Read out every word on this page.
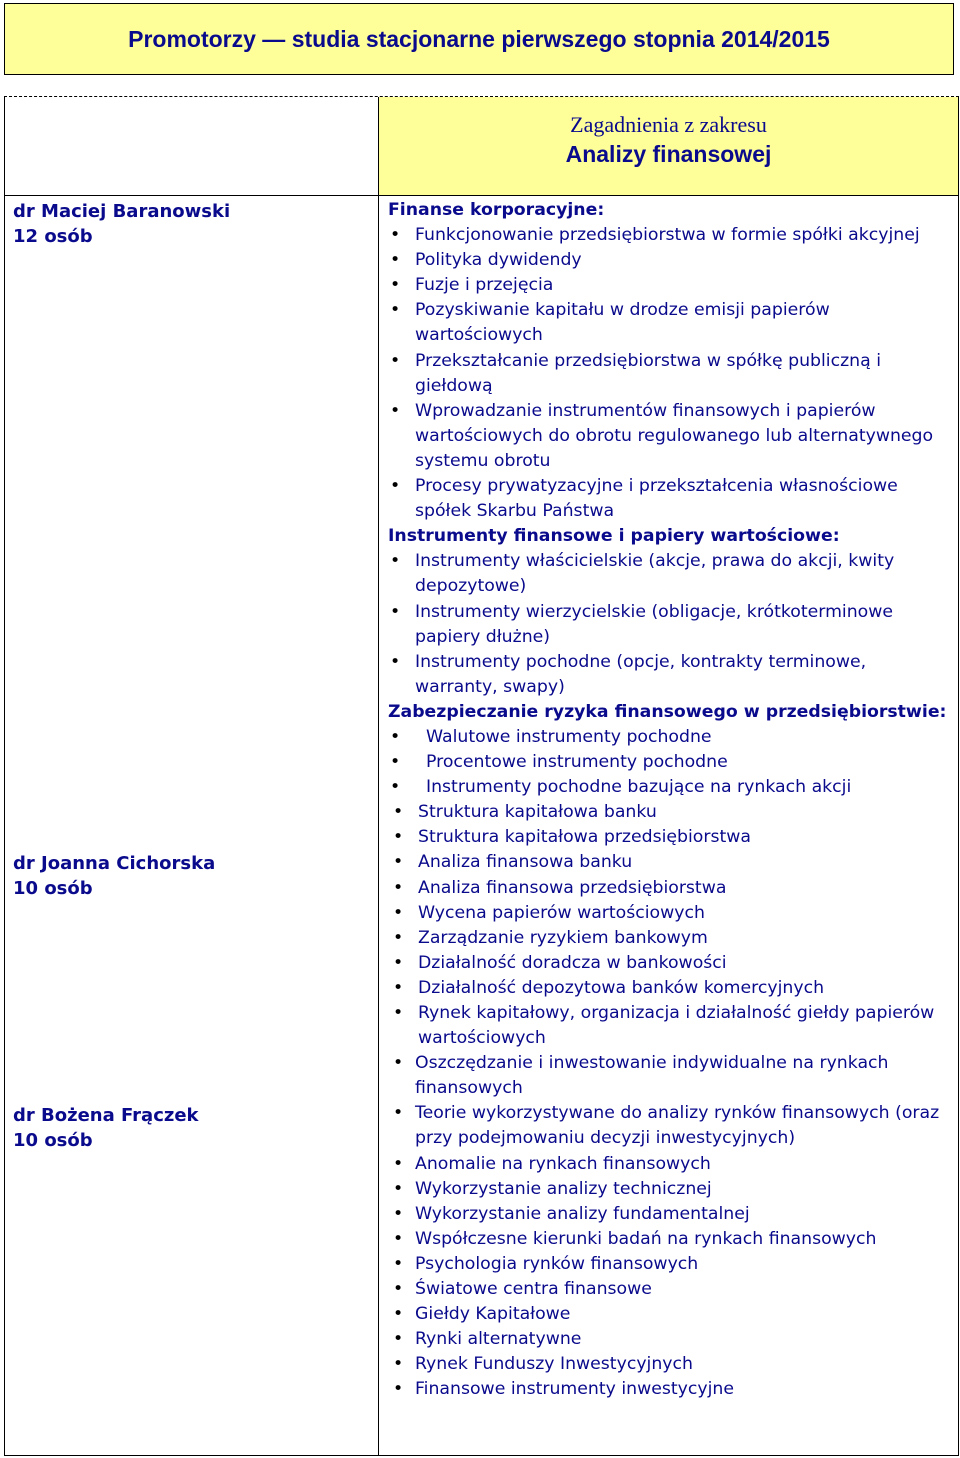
Promotorzy — studia stacjonarne pierwszego stopnia 2014/2015
Zagadnienia z zakresu
Analizy finansowej
dr Maciej Baranowski
12 osób
dr Joanna Cichorska
10 osób
dr Bożena Frączek
10 osób
Finanse korporacyjne:
• Funkcjonowanie przedsiębiorstwa w formie spółki akcyjnej
• Polityka dywidendy
• Fuzje i przejęcia
• Pozyskiwanie kapitału w drodze emisji papierów wartościowych
• Przekształcanie przedsiębiorstwa w spółkę publiczną i giełdową
• Wprowadzanie instrumentów finansowych i papierów wartościowych do obrotu regulowanego lub alternatywnego systemu obrotu
• Procesy prywatyzacyjne i przekształcenia własnościowe spółek Skarbu Państwa
Instrumenty finansowe i papiery wartościowe:
• Instrumenty właścicielskie (akcje, prawa do akcji, kwity depozytowe)
• Instrumenty wierzycielskie (obligacje, krótkoterminowe papiery dłużne)
• Instrumenty pochodne (opcje, kontrakty terminowe, warranty, swapy)
Zabezpieczanie ryzyka finansowego w przedsiębiorstwie:
• Walutowe instrumenty pochodne
• Procentowe instrumenty pochodne
• Instrumenty pochodne bazujące na rynkach akcji
• Struktura kapitałowa banku
• Struktura kapitałowa przedsiębiorstwa
• Analiza finansowa banku
• Analiza finansowa przedsiębiorstwa
• Wycena papierów wartościowych
• Zarządzanie ryzykiem bankowym
• Działalność doradcza w bankowości
• Działalność depozytowa banków komercyjnych
• Rynek kapitałowy, organizacja i działalność giełdy papierów wartościowych
• Oszczędzanie i inwestowanie indywidualne na rynkach finansowych
• Teorie wykorzystywane do analizy rynków finansowych (oraz przy podejmowaniu decyzji inwestycyjnych)
• Anomalie na rynkach finansowych
• Wykorzystanie analizy technicznej
• Wykorzystanie analizy fundamentalnej
• Współczesne kierunki badań na rynkach finansowych
• Psychologia rynków finansowych
• Światowe centra finansowe
• Giełdy Kapitałowe
• Rynki alternatywne
• Rynek Funduszy Inwestycyjnych
• Finansowe instrumenty inwestycyjne
